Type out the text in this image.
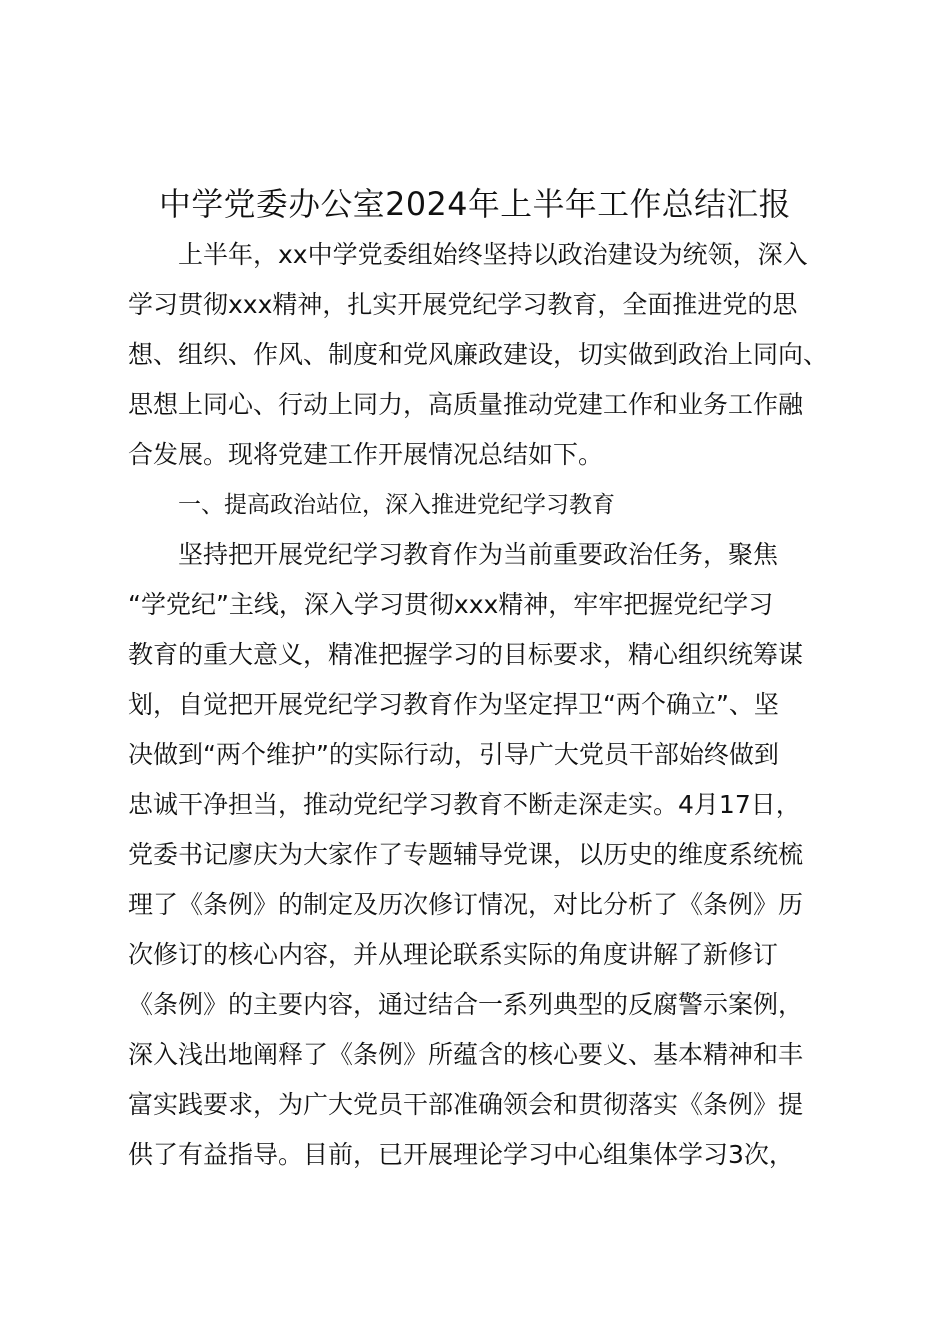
中学党委办公室2024年上半年工作总结汇报
上半年，xx中学党委组始终坚持以政治建设为统领，深入
学习贯彻xxx精神，扎实开展党纪学习教育，全面推进党的思
想、组织、作风、制度和党风廉政建设，切实做到政治上同向、
思想上同心、行动上同力，高质量推动党建工作和业务工作融
合发展。现将党建工作开展情况总结如下。
一、提高政治站位，深入推进党纪学习教育
坚持把开展党纪学习教育作为当前重要政治任务，聚焦
“学党纪”主线，深入学习贯彻xxx精神，牢牢把握党纪学习
教育的重大意义，精准把握学习的目标要求，精心组织统筹谋
划，自觉把开展党纪学习教育作为坚定捍卫“两个确立”、坚
决做到“两个维护”的实际行动，引导广大党员干部始终做到
忠诚干净担当，推动党纪学习教育不断走深走实。4月17日，
党委书记廖庆为大家作了专题辅导党课，以历史的维度系统梳
理了《条例》的制定及历次修订情况，对比分析了《条例》历
次修订的核心内容，并从理论联系实际的角度讲解了新修订
《条例》的主要内容，通过结合一系列典型的反腐警示案例，
深入浅出地阐释了《条例》所蕴含的核心要义、基本精神和丰
富实践要求，为广大党员干部准确领会和贯彻落实《条例》提
供了有益指导。目前，已开展理论学习中心组集体学习3次，
